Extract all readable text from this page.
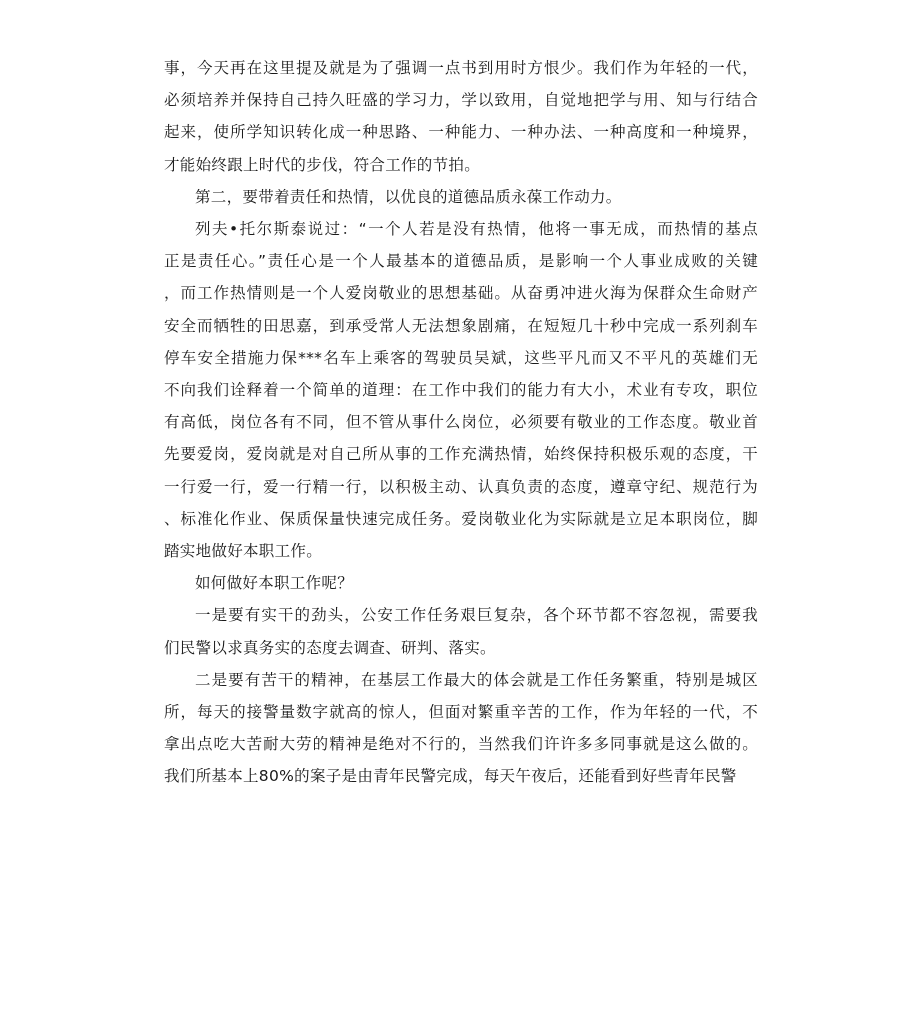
事，今天再在这里提及就是为了强调一点书到用时方恨少。我们作为年轻的一代，
必须培养并保持自己持久旺盛的学习力，学以致用，自觉地把学与用、知与行结合
起来，使所学知识转化成一种思路、一种能力、一种办法、一种高度和一种境界，
才能始终跟上时代的步伐，符合工作的节拍。
第二，要带着责任和热情，以优良的道德品质永葆工作动力。
列夫•托尔斯泰说过：“一个人若是没有热情，他将一事无成，而热情的基点
正是责任心。”责任心是一个人最基本的道德品质，是影响一个人事业成败的关键
，而工作热情则是一个人爱岗敬业的思想基础。从奋勇冲进火海为保群众生命财产
安全而牺牲的田思嘉，到承受常人无法想象剧痛，在短短几十秒中完成一系列刹车
停车安全措施力保***名车上乘客的驾驶员吴斌，这些平凡而又不平凡的英雄们无
不向我们诠释着一个简单的道理：在工作中我们的能力有大小，术业有专攻，职位
有高低，岗位各有不同，但不管从事什么岗位，必须要有敬业的工作态度。敬业首
先要爱岗，爱岗就是对自己所从事的工作充满热情，始终保持积极乐观的态度，干
一行爱一行，爱一行精一行，以积极主动、认真负责的态度，遵章守纪、规范行为
、标准化作业、保质保量快速完成任务。爱岗敬业化为实际就是立足本职岗位，脚
踏实地做好本职工作。
如何做好本职工作呢？
一是要有实干的劲头，公安工作任务艰巨复杂，各个环节都不容忽视，需要我
们民警以求真务实的态度去调查、研判、落实。
二是要有苦干的精神，在基层工作最大的体会就是工作任务繁重，特别是城区
所，每天的接警量数字就高的惊人，但面对繁重辛苦的工作，作为年轻的一代，不
拿出点吃大苦耐大劳的精神是绝对不行的，当然我们许许多多同事就是这么做的。
我们所基本上80%的案子是由青年民警完成，每天午夜后，还能看到好些青年民警
